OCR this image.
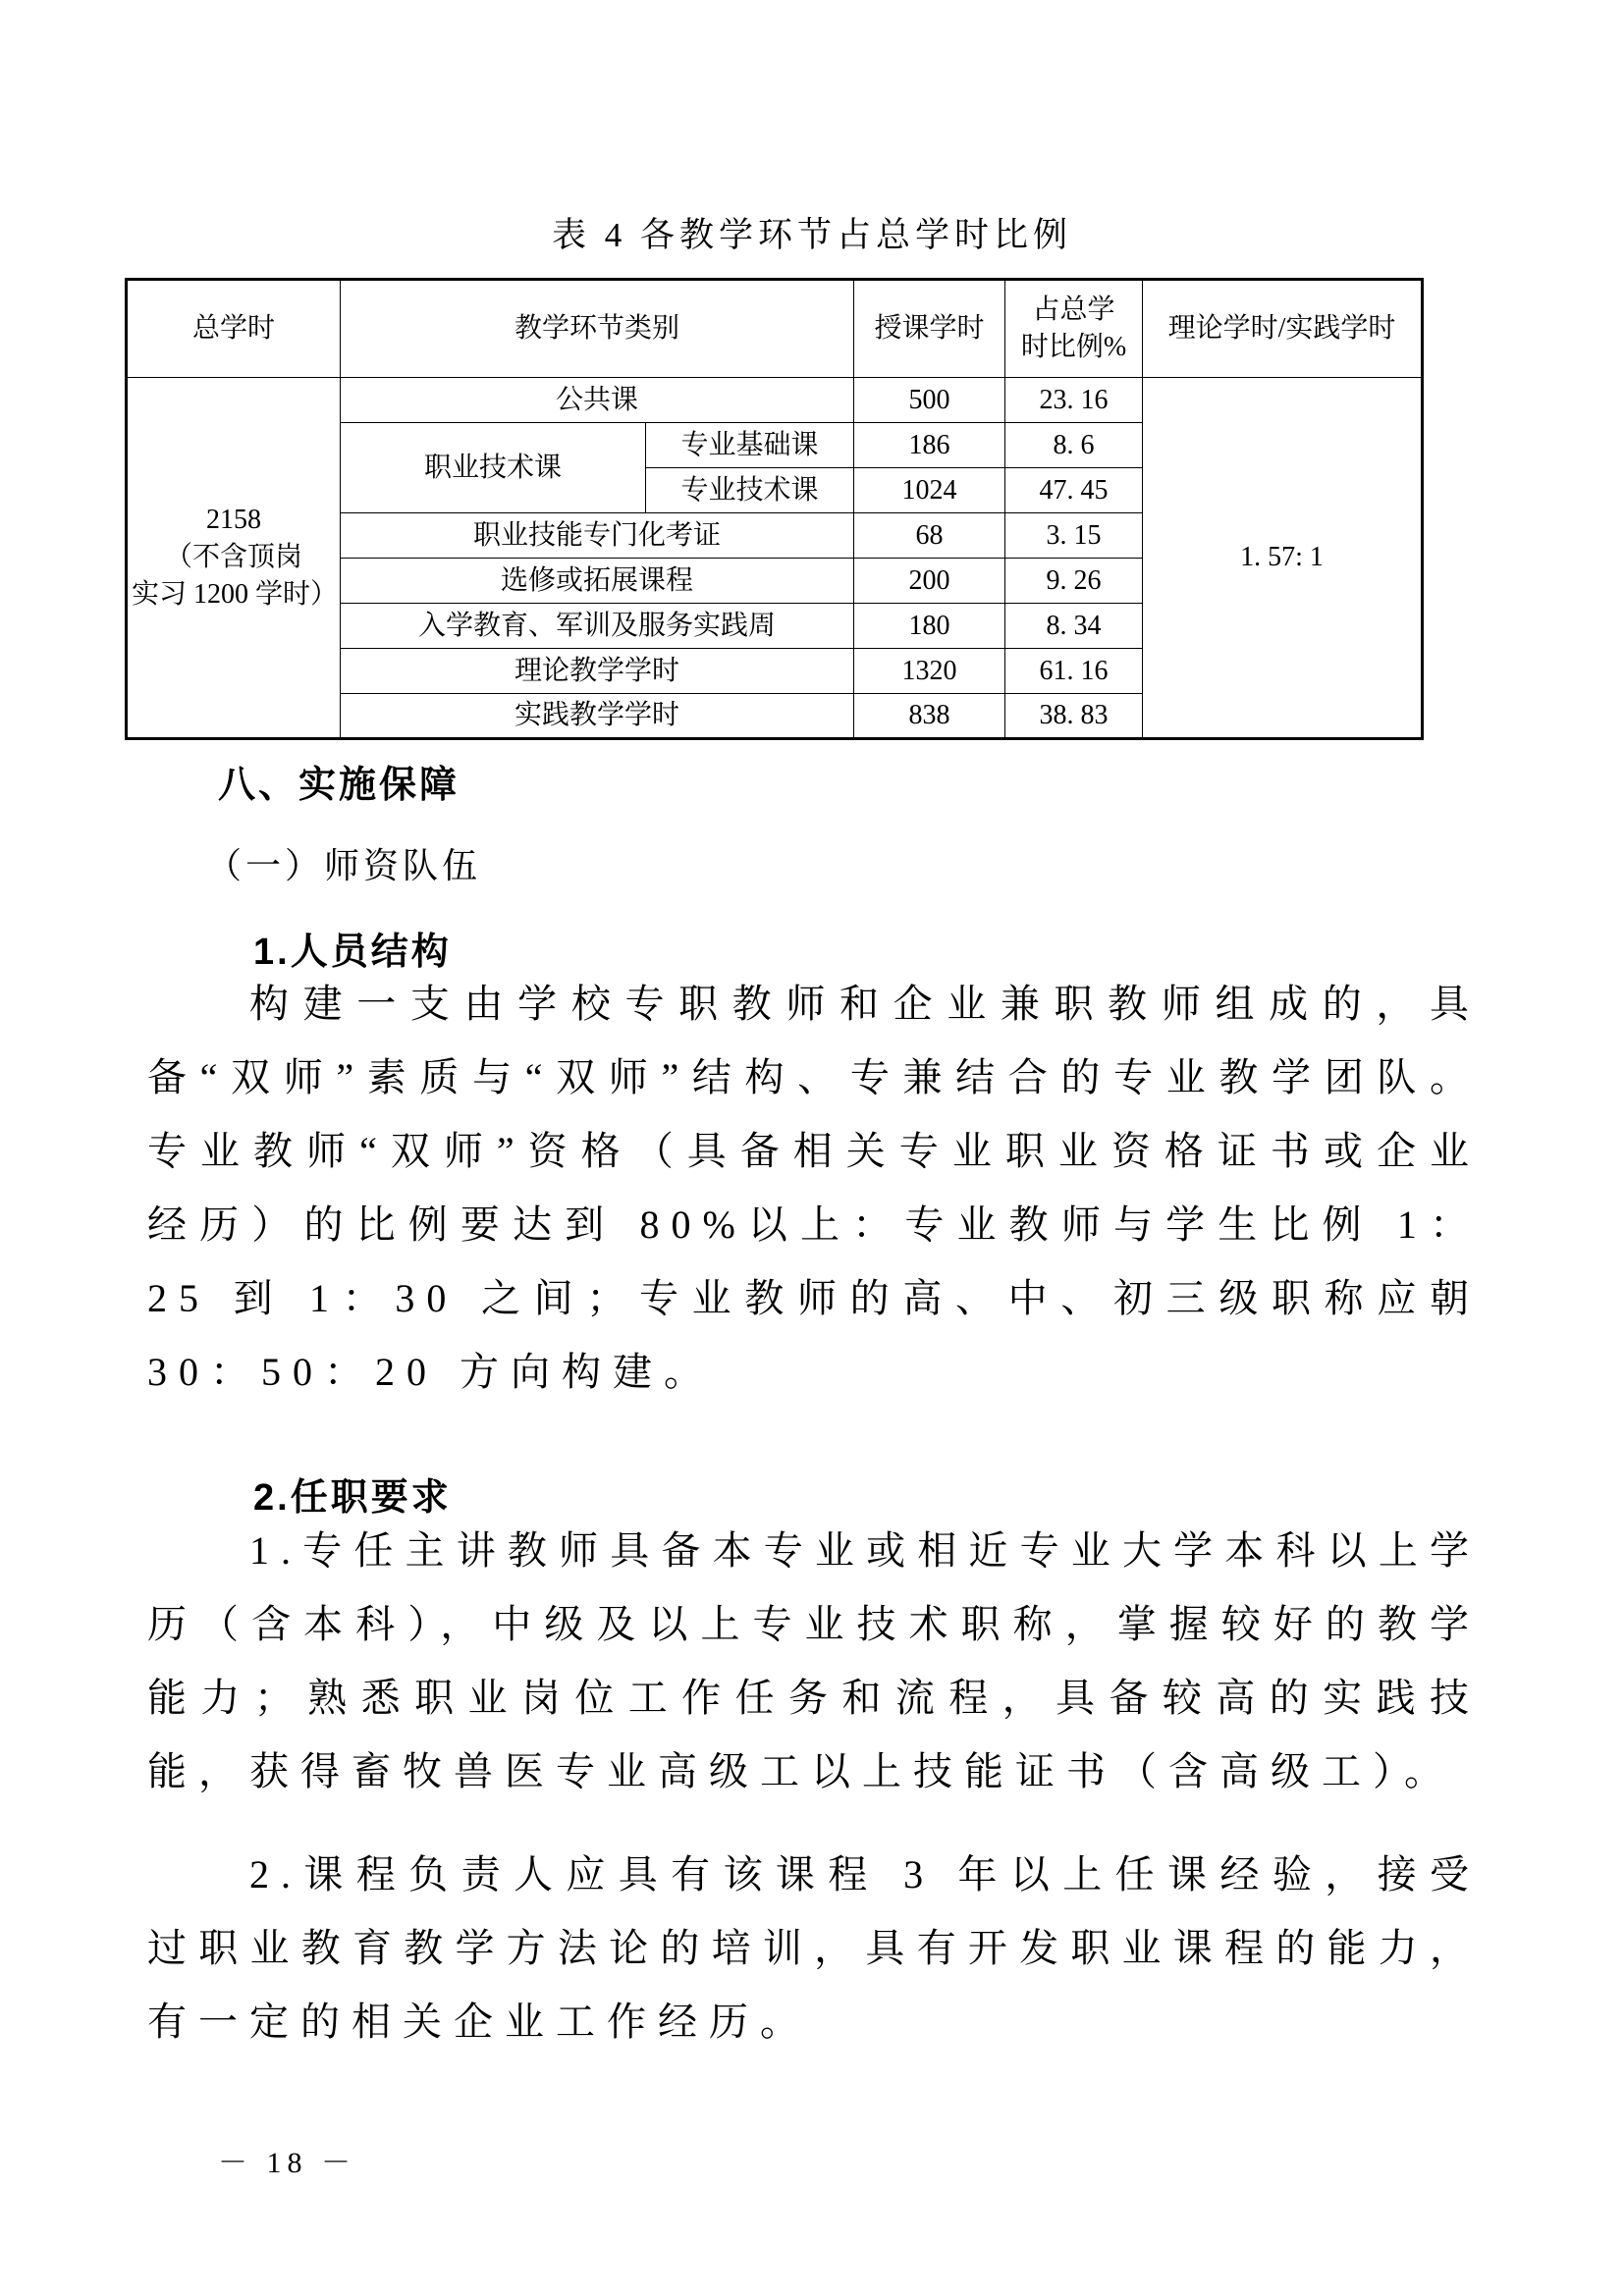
表 4 各教学环节占总学时比例
总学时	教学环节类别		授课学时	占总学
时比例%	理论学时/实践学时

2158
（不含顶岗
实习 1200 学时）	公共课		500	23. 16	1. 57: 1
	职业技术课	专业基础课	186	8. 6	
		专业技术课	1024	47. 45	
	职业技能专门化考证		68	3. 15	
	选修或拓展课程		200	9. 26	
	入学教育、军训及服务实践周		180	8. 34	
	理论教学学时		1320	61. 16	
	实践教学学时		838	38. 83	
八、实施保障
（一）师资队伍
1.人员结构
构建一支由学校专职教师和企业兼职教师组成的，具备“双师”素质与“双师”结构、专兼结合的专业教学团队。专业教师“双师”资格（具备相关专业职业资格证书或企业经历）的比例要达到 80%以上：专业教师与学生比例 1：25 到 1：30 之间；专业教师的高、中、初三级职称应朝 30：50：20 方向构建。
2.任职要求
1.专任主讲教师具备本专业或相近专业大学本科以上学历（含本科），中级及以上专业技术职称，掌握较好的教学能力；熟悉职业岗位工作任务和流程，具备较高的实践技能，获得畜牧兽医专业高级工以上技能证书（含高级工）。
2.课程负责人应具有该课程 3 年以上任课经验，接受过职业教育教学方法论的培训，具有开发职业课程的能力，有一定的相关企业工作经历。
－ 18 －
